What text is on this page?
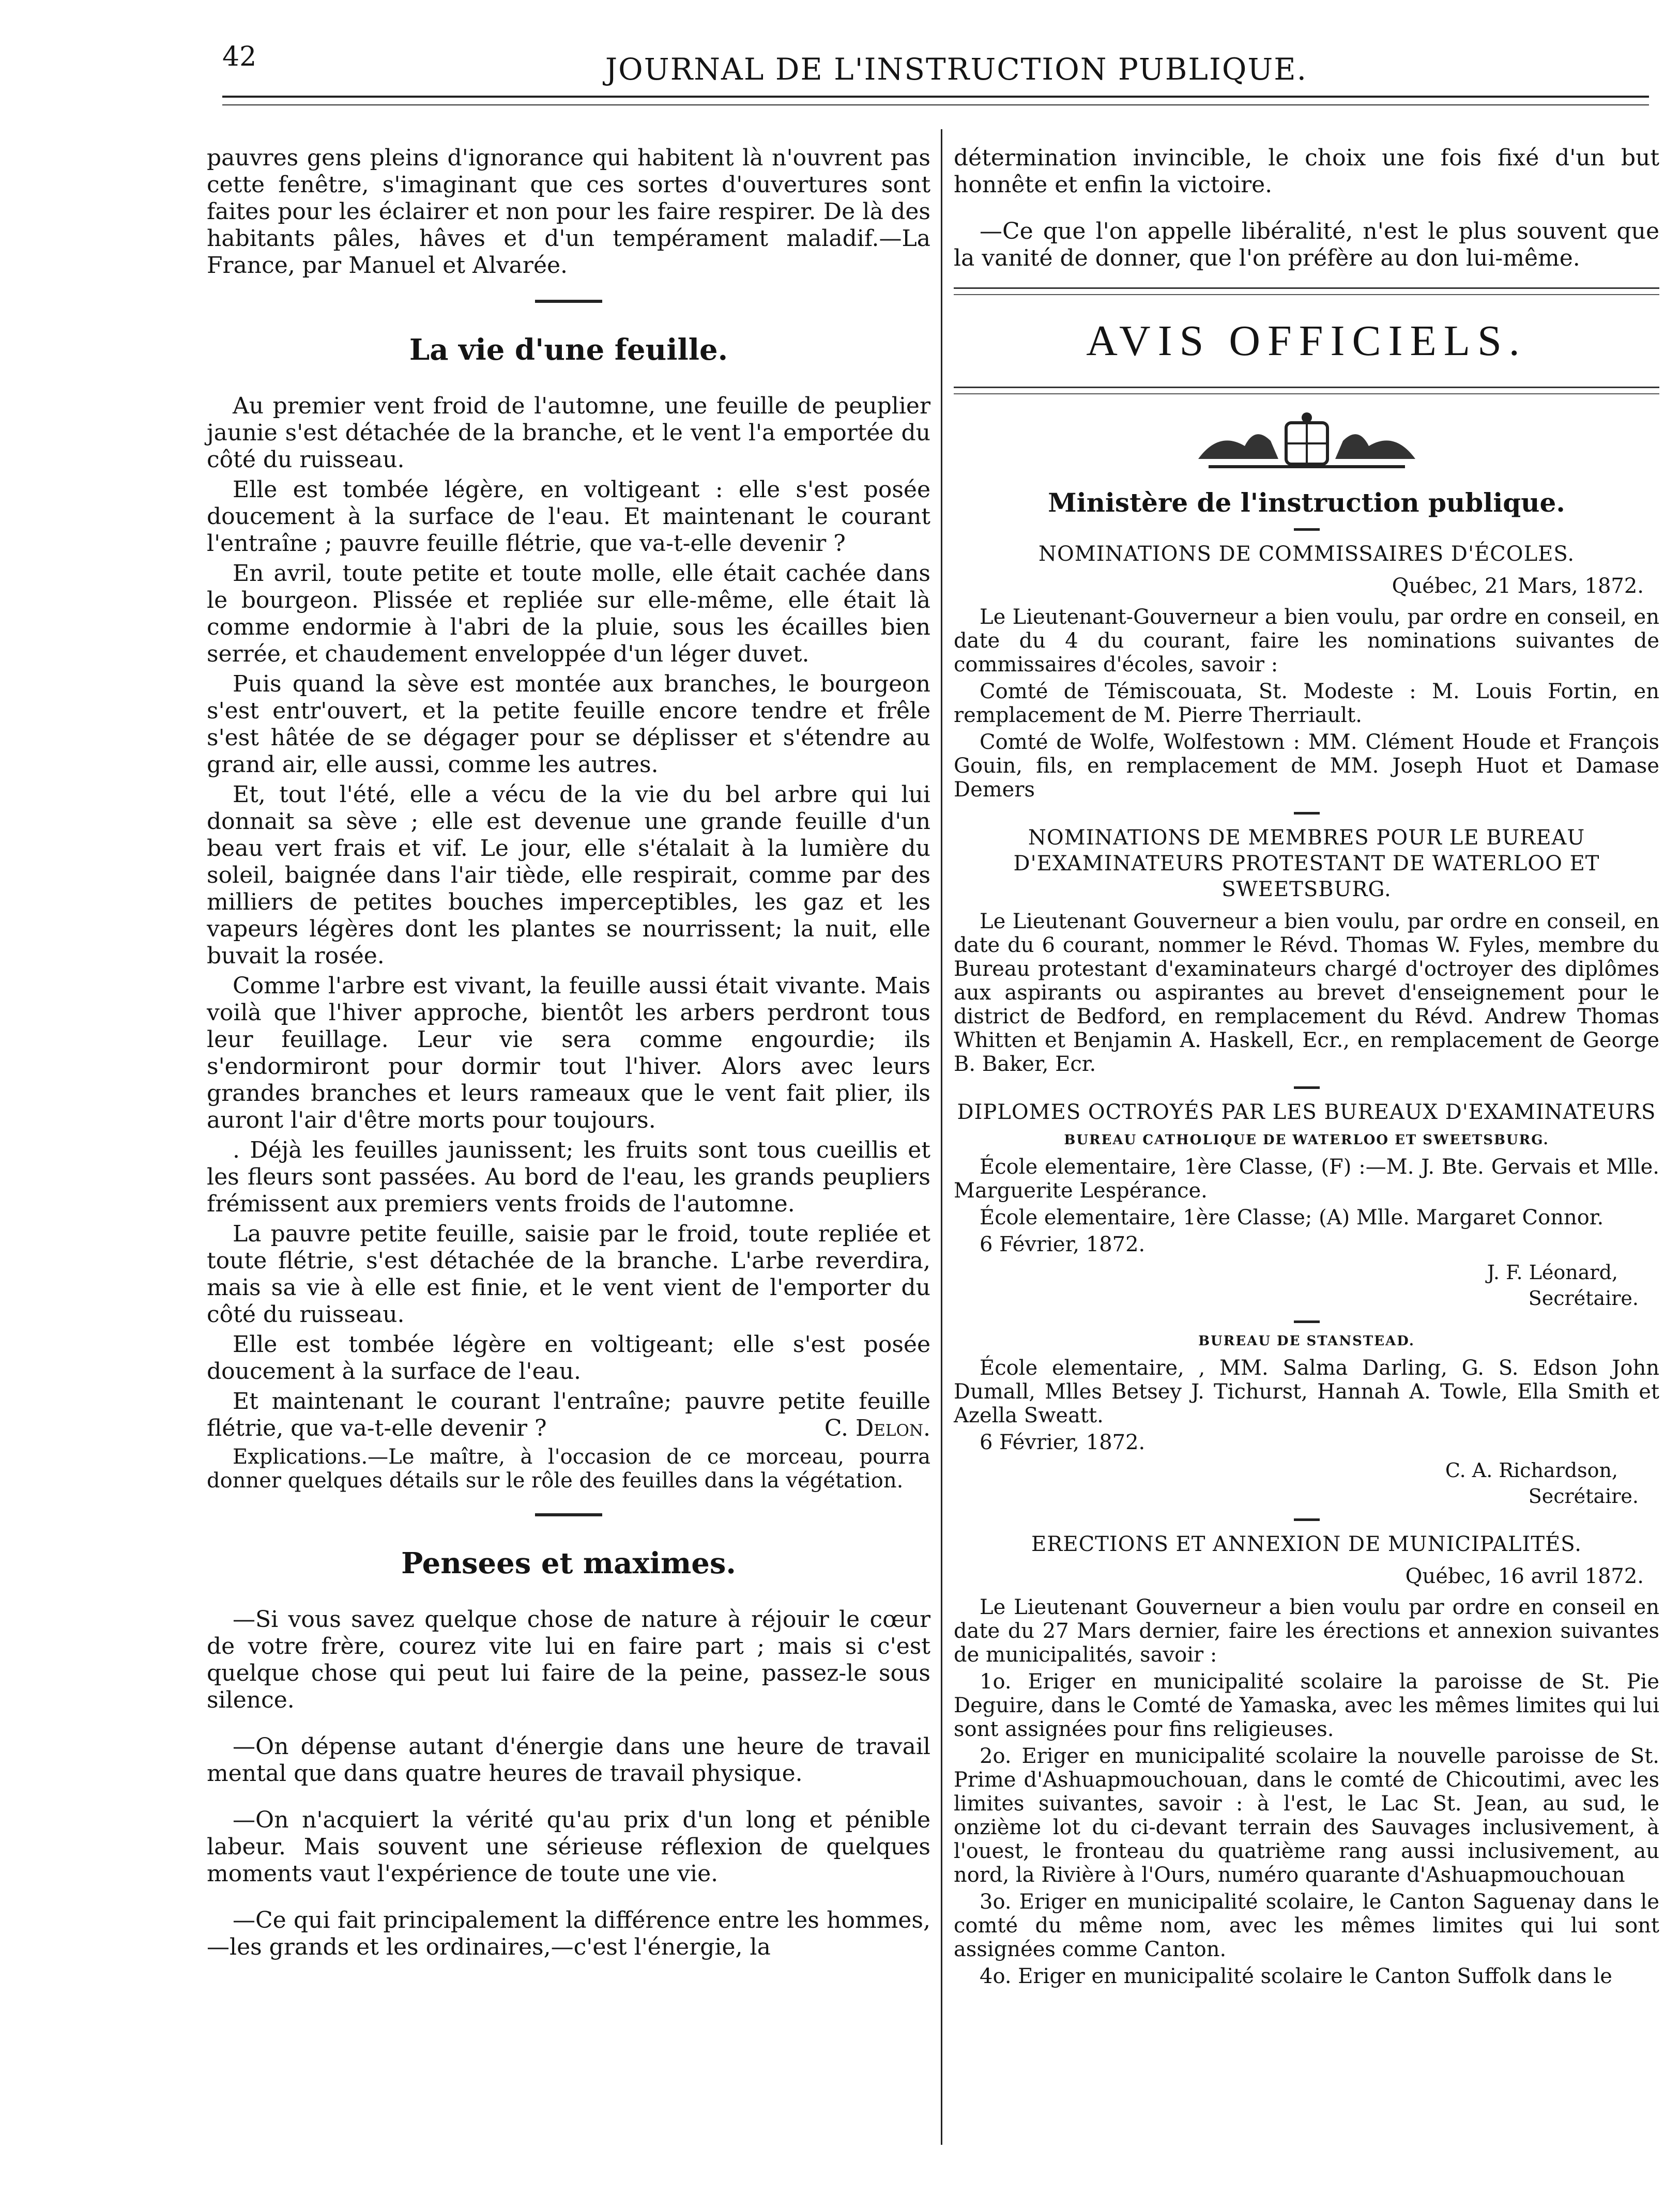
42	JOURNAL DE L'INSTRUCTION PUBLIQUE.

pauvres gens pleins d'ignorance qui habitent là n'ouvrent pas cette fenêtre, s'imaginant que ces sortes d'ouvertures sont faites pour les éclairer et non pour les faire respirer. De là des habitants pâles, hâves et d'un tempérament maladif.—La France, par Manuel et Alvarée.

La vie d'une feuille.

Au premier vent froid de l'automne, une feuille de peuplier jaunie s'est détachée de la branche, et le vent l'a emportée du côté du ruisseau.

Elle est tombée légère, en voltigeant : elle s'est posée doucement à la surface de l'eau. Et maintenant le courant l'entraîne ; pauvre feuille flétrie, que va-t-elle devenir ?

En avril, toute petite et toute molle, elle était cachée dans le bourgeon. Plissée et repliée sur elle-même, elle était là comme endormie à l'abri de la pluie, sous les écailles bien serrée, et chaudement enveloppée d'un léger duvet.

Puis quand la sève est montée aux branches, le bourgeon s'est entr'ouvert, et la petite feuille encore tendre et frêle s'est hâtée de se dégager pour se déplisser et s'étendre au grand air, elle aussi, comme les autres.

Et, tout l'été, elle a vécu de la vie du bel arbre qui lui donnait sa sève ; elle est devenue une grande feuille d'un beau vert frais et vif. Le jour, elle s'étalait à la lumière du soleil, baignée dans l'air tiède, elle respirait, comme par des milliers de petites bouches imperceptibles, les gaz et les vapeurs légères dont les plantes se nourrissent; la nuit, elle buvait la rosée.

Comme l'arbre est vivant, la feuille aussi était vivante. Mais voilà que l'hiver approche, bientôt les arbers perdront tous leur feuillage. Leur vie sera comme engourdie; ils s'endormiront pour dormir tout l'hiver. Alors avec leurs grandes branches et leurs rameaux que le vent fait plier, ils auront l'air d'être morts pour toujours.

. Déjà les feuilles jaunissent; les fruits sont tous cueillis et les fleurs sont passées. Au bord de l'eau, les grands peupliers frémissent aux premiers vents froids de l'automne.

La pauvre petite feuille, saisie par le froid, toute repliée et toute flétrie, s'est détachée de la branche. L'arbe reverdira, mais sa vie à elle est finie, et le vent vient de l'emporter du côté du ruisseau.

Elle est tombée légère en voltigeant; elle s'est posée doucement à la surface de l'eau.

Et maintenant le courant l'entraîne; pauvre petite feuille flétrie, que va-t-elle devenir ?	C. Delon.

Explications.—Le maître, à l'occasion de ce morceau, pourra donner quelques détails sur le rôle des feuilles dans la végétation.

Pensees et maximes.

—Si vous savez quelque chose de nature à réjouir le cœur de votre frère, courez vite lui en faire part ; mais si c'est quelque chose qui peut lui faire de la peine, passez-le sous silence.

—On dépense autant d'énergie dans une heure de travail mental que dans quatre heures de travail physique.

—On n'acquiert la vérité qu'au prix d'un long et pénible labeur. Mais souvent une sérieuse réflexion de quelques moments vaut l'expérience de toute une vie.

—Ce qui fait principalement la différence entre les hommes,—les grands et les ordinaires,—c'est l'énergie, la

détermination invincible, le choix une fois fixé d'un but honnête et enfin la victoire.

—Ce que l'on appelle libéralité, n'est le plus souvent que la vanité de donner, que l'on préfère au don lui-même.

AVIS OFFICIELS.
Ministère de l'instruction publique.
NOMINATIONS DE COMMISSAIRES D'ÉCOLES.
Québec, 21 Mars, 1872.

Le Lieutenant-Gouverneur a bien voulu, par ordre en conseil, en date du 4 du courant, faire les nominations suivantes de commissaires d'écoles, savoir :

Comté de Témiscouata, St. Modeste : M. Louis Fortin, en remplacement de M. Pierre Therriault.

Comté de Wolfe, Wolfestown : MM. Clément Houde et François Gouin, fils, en remplacement de MM. Joseph Huot et Damase Demers

NOMINATIONS DE MEMBRES POUR LE BUREAU D'EXAMINATEURS PROTESTANT DE WATERLOO ET SWEETSBURG.

Le Lieutenant Gouverneur a bien voulu, par ordre en conseil, en date du 6 courant, nommer le Révd. Thomas W. Fyles, membre du Bureau protestant d'examinateurs chargé d'octroyer des diplômes aux aspirants ou aspirantes au brevet d'enseignement pour le district de Bedford, en remplacement du Révd. Andrew Thomas Whitten et Benjamin A. Haskell, Ecr., en remplacement de George B. Baker, Ecr.

DIPLOMES OCTROYÉS PAR LES BUREAUX D'EXAMINATEURS
BUREAU CATHOLIQUE DE WATERLOO ET SWEETSBURG.

École elementaire, 1ère Classe, (F) :—M. J. Bte. Gervais et Mlle. Marguerite Lespérance.

École elementaire, 1ère Classe; (A) Mlle. Margaret Connor.

6 Février, 1872.

J. F. Léonard,
Secrétaire.
BUREAU DE STANSTEAD.

École elementaire, , MM. Salma Darling, G. S. Edson John Dumall, Mlles Betsey J. Tichurst, Hannah A. Towle, Ella Smith et Azella Sweatt.

6 Février, 1872.

C. A. Richardson,
Secrétaire.
ERECTIONS ET ANNEXION DE MUNICIPALITÉS.
Québec, 16 avril 1872.

Le Lieutenant Gouverneur a bien voulu par ordre en conseil en date du 27 Mars dernier, faire les érections et annexion suivantes de municipalités, savoir :

1o. Eriger en municipalité scolaire la paroisse de St. Pie Deguire, dans le Comté de Yamaska, avec les mêmes limites qui lui sont assignées pour fins religieuses.

2o. Eriger en municipalité scolaire la nouvelle paroisse de St. Prime d'Ashuapmouchouan, dans le comté de Chicoutimi, avec les limites suivantes, savoir : à l'est, le Lac St. Jean, au sud, le onzième lot du ci-devant terrain des Sauvages inclusivement, à l'ouest, le fronteau du quatrième rang aussi inclusivement, au nord, la Rivière à l'Ours, numéro quarante d'Ashuapmouchouan

3o. Eriger en municipalité scolaire, le Canton Saguenay dans le comté du même nom, avec les mêmes limites qui lui sont assignées comme Canton.

4o. Eriger en municipalité scolaire le Canton Suffolk dans le
